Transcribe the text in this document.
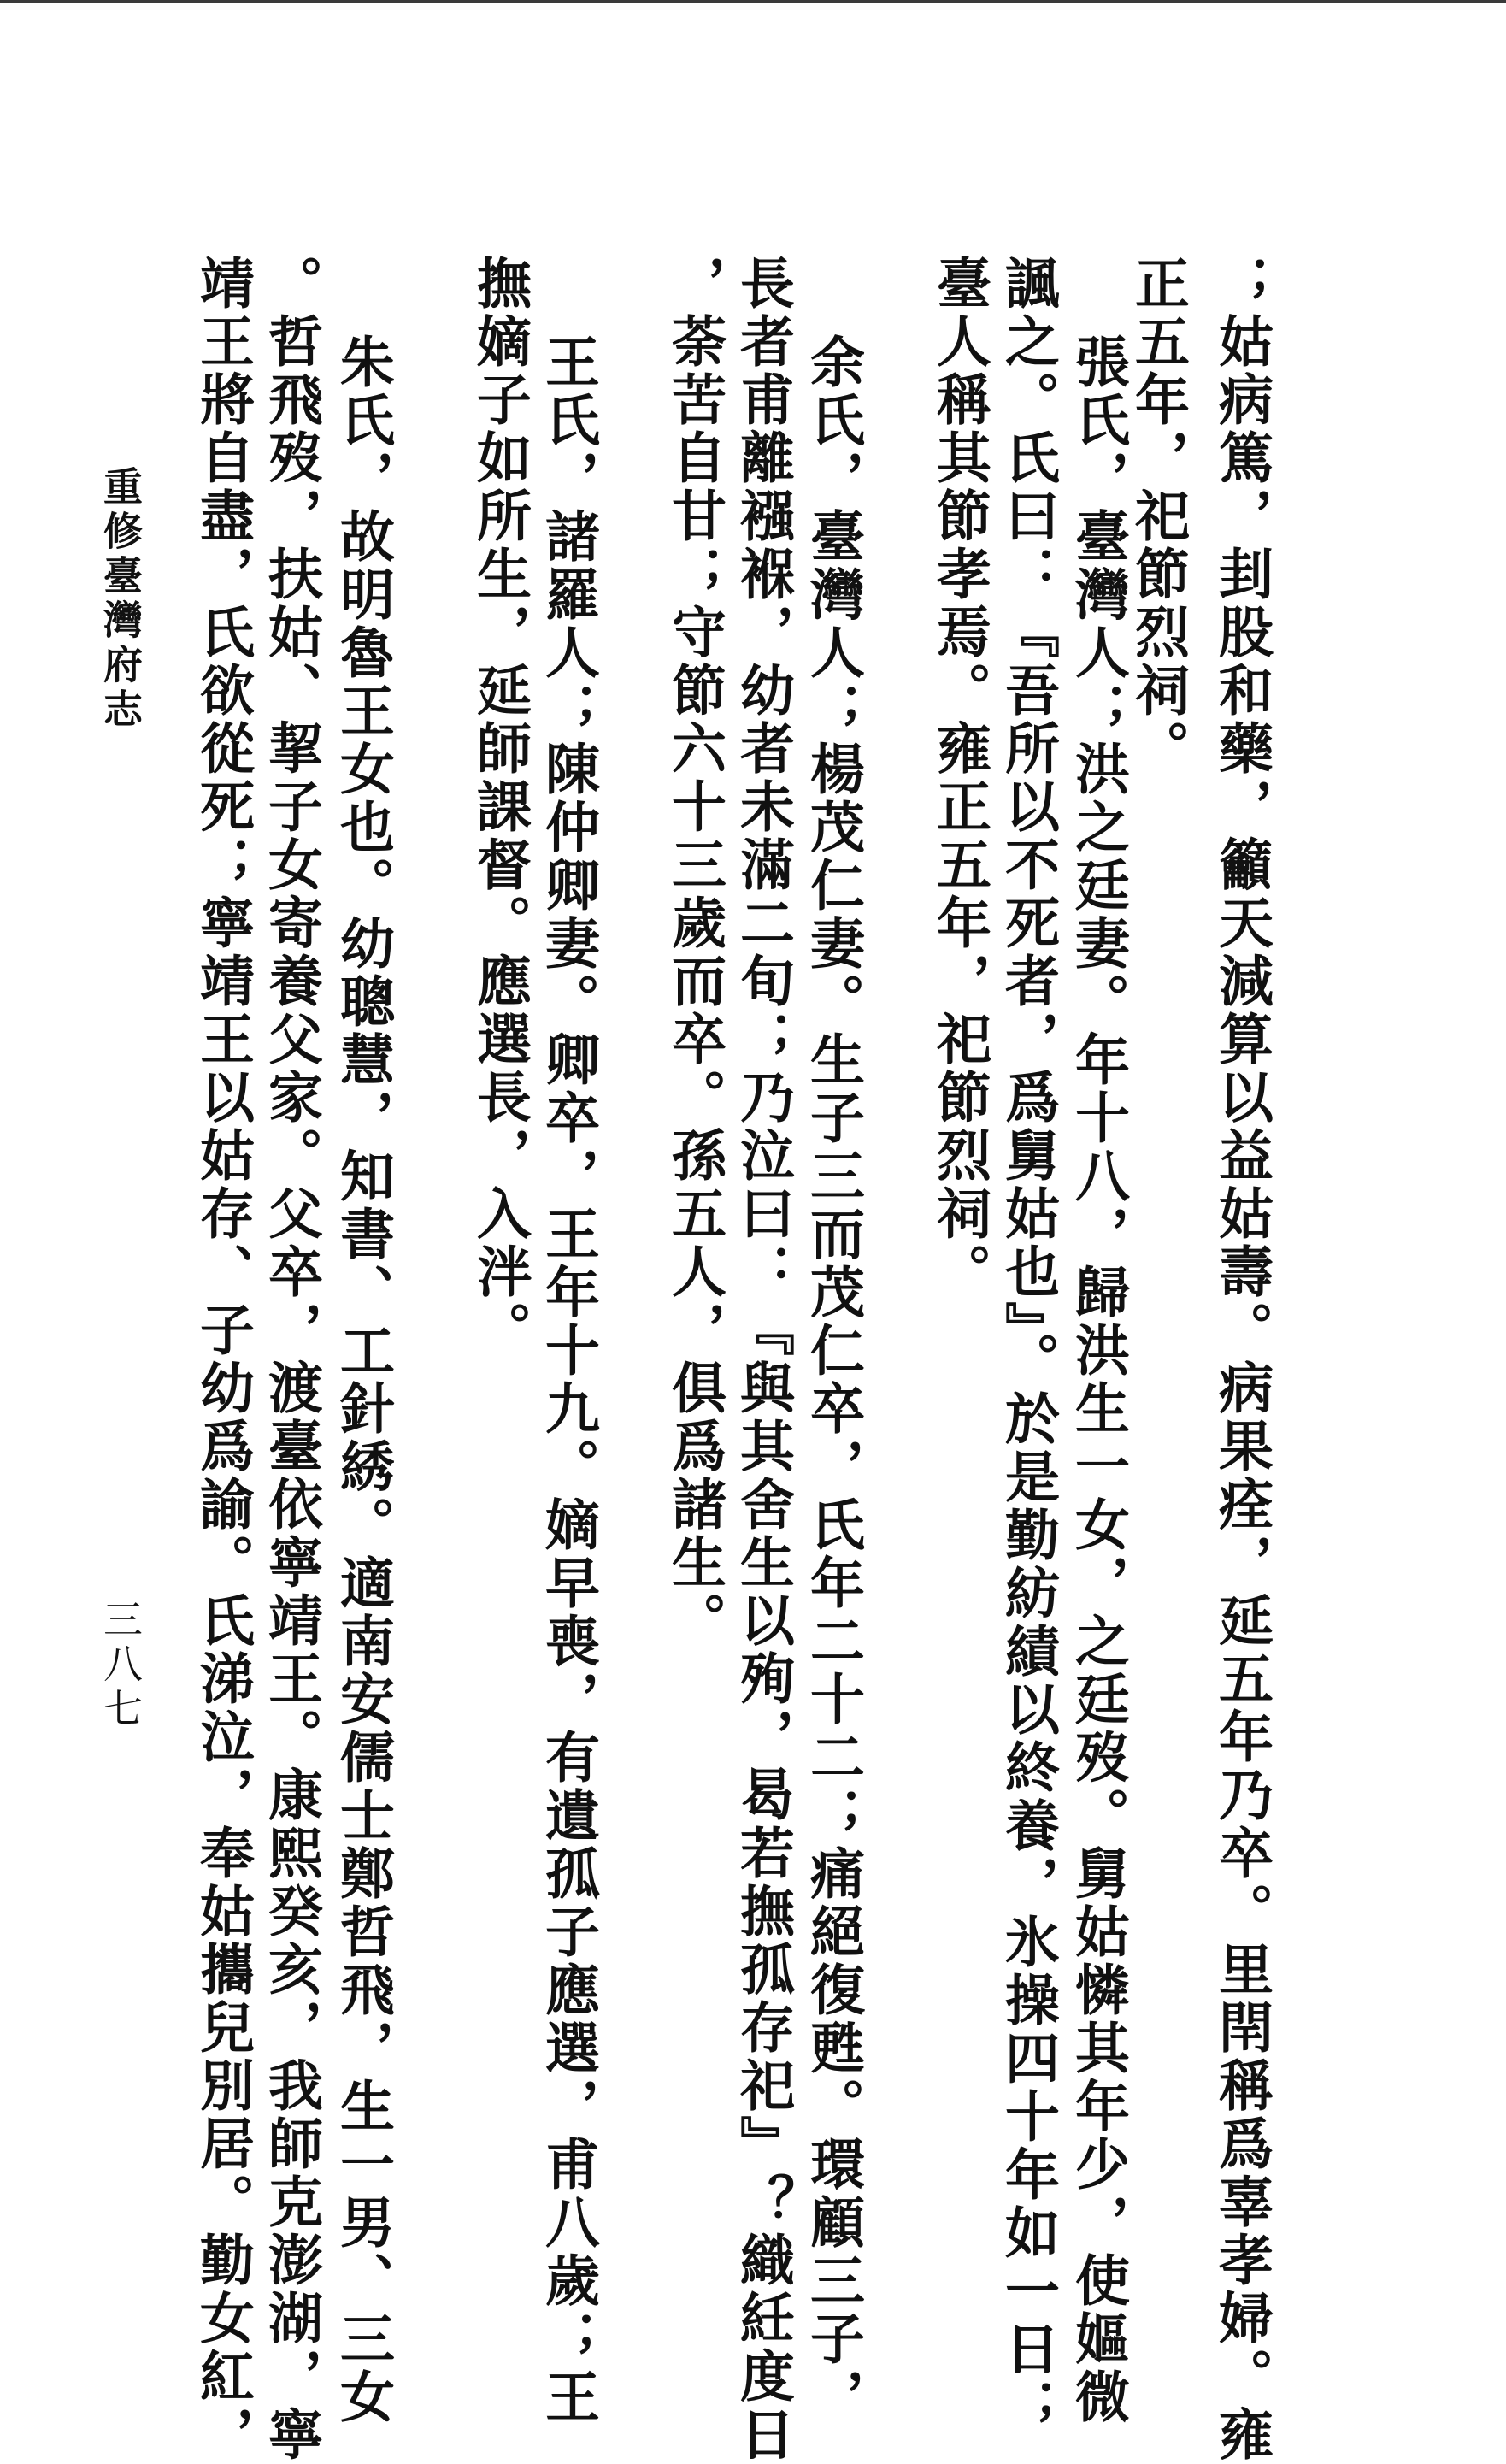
；姑病篤，刲股和藥，籲天減算以益姑壽。病果痊，延五年乃卒。里閈稱爲辜孝婦。雍
正五年，祀節烈祠。
張氏，臺灣人；洪之廷妻。年十八，歸洪生一女，之廷歿。舅姑憐其年少，使嫗微
諷之。氏曰：『吾所以不死者，爲舅姑也』。於是勤紡績以終養，氷操四十年如一日；
臺人稱其節孝焉。雍正五年，祀節烈祠。
余氏，臺灣人；楊茂仁妻。生子三而茂仁卒，氏年二十二；痛絕復甦。環顧三子，
長者甫離襁褓，幼者未滿二旬；乃泣曰：『與其舍生以殉，曷若撫孤存祀』？織紝度日
，荼苦自甘；守節六十三歲而卒。孫五人，俱爲諸生。
王氏，諸羅人；陳仲卿妻。卿卒，王年十九。嫡早喪，有遺孤子應選，甫八歲；王
撫嫡子如所生，延師課督。應選長，入泮。
朱氏，故明魯王女也。幼聰慧，知書、工針綉。適南安儒士鄭哲飛，生一男、三女
。哲飛歿，扶姑、挈子女寄養父家。父卒，渡臺依寧靖王。康熙癸亥，我師克澎湖，寧
靖王將自盡，氏欲從死；寧靖王以姑存、子幼爲諭。氏涕泣，奉姑攜兒別居。勤女紅，
重修臺灣府志
三八七
